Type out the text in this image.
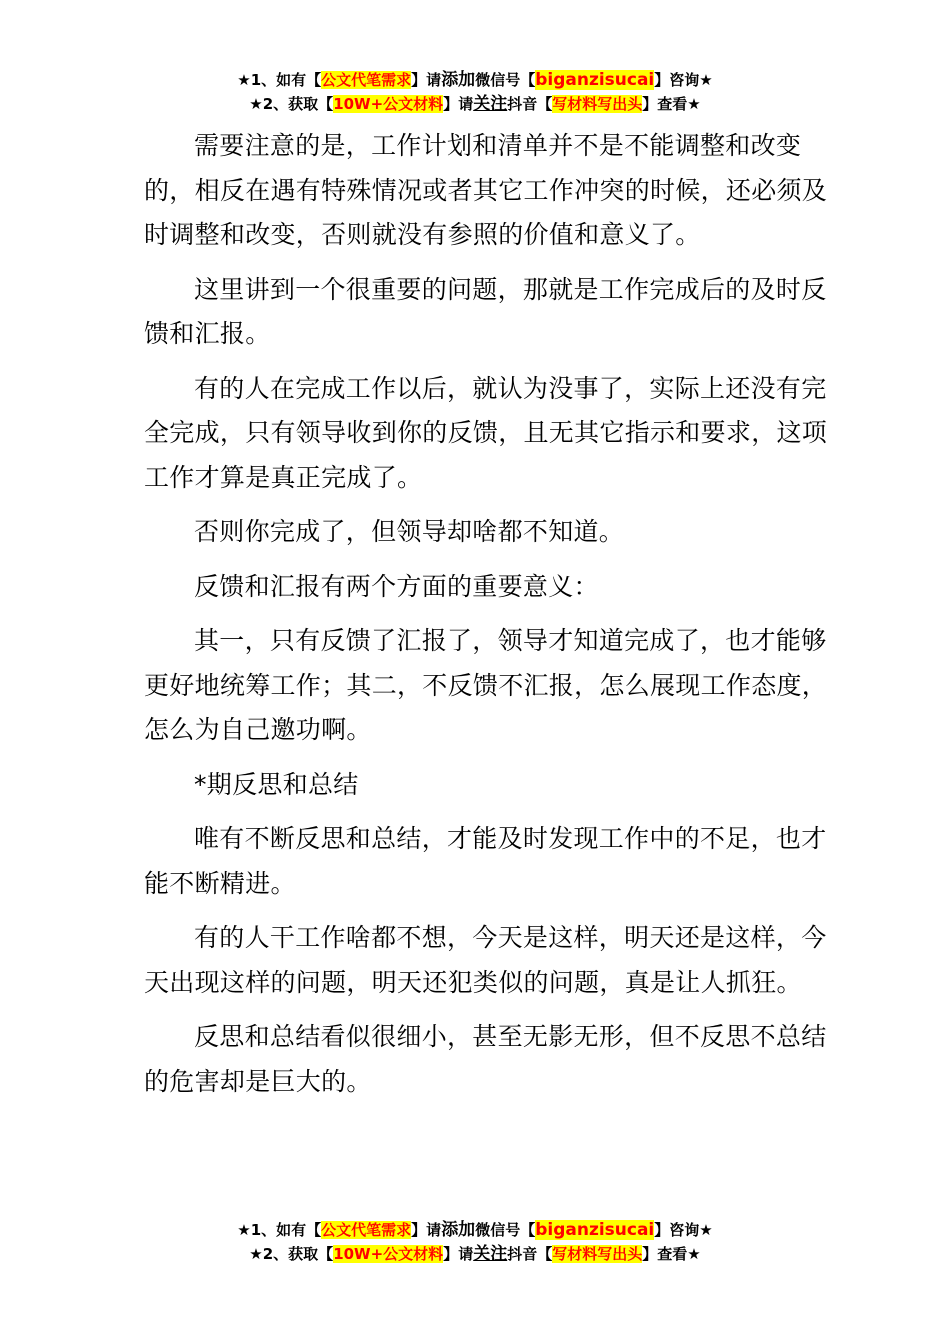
★1、如有【公文代笔需求】请添加微信号【biganzisucai】咨询★
★2、获取【10W+公文材料】请关注抖音【写材料写出头】查看★

需要注意的是，工作计划和清单并不是不能调整和改变的，相反在遇有特殊情况或者其它工作冲突的时候，还必须及时调整和改变，否则就没有参照的价值和意义了。

这里讲到一个很重要的问题，那就是工作完成后的及时反馈和汇报。

有的人在完成工作以后，就认为没事了，实际上还没有完全完成，只有领导收到你的反馈，且无其它指示和要求，这项工作才算是真正完成了。

否则你完成了，但领导却啥都不知道。

反馈和汇报有两个方面的重要意义：

其一，只有反馈了汇报了，领导才知道完成了，也才能够更好地统筹工作；其二，不反馈不汇报，怎么展现工作态度，怎么为自己邀功啊。

*期反思和总结

唯有不断反思和总结，才能及时发现工作中的不足，也才能不断精进。

有的人干工作啥都不想，今天是这样，明天还是这样，今天出现这样的问题，明天还犯类似的问题，真是让人抓狂。

反思和总结看似很细小，甚至无影无形，但不反思不总结的危害却是巨大的。

★1、如有【公文代笔需求】请添加微信号【biganzisucai】咨询★
★2、获取【10W+公文材料】请关注抖音【写材料写出头】查看★
